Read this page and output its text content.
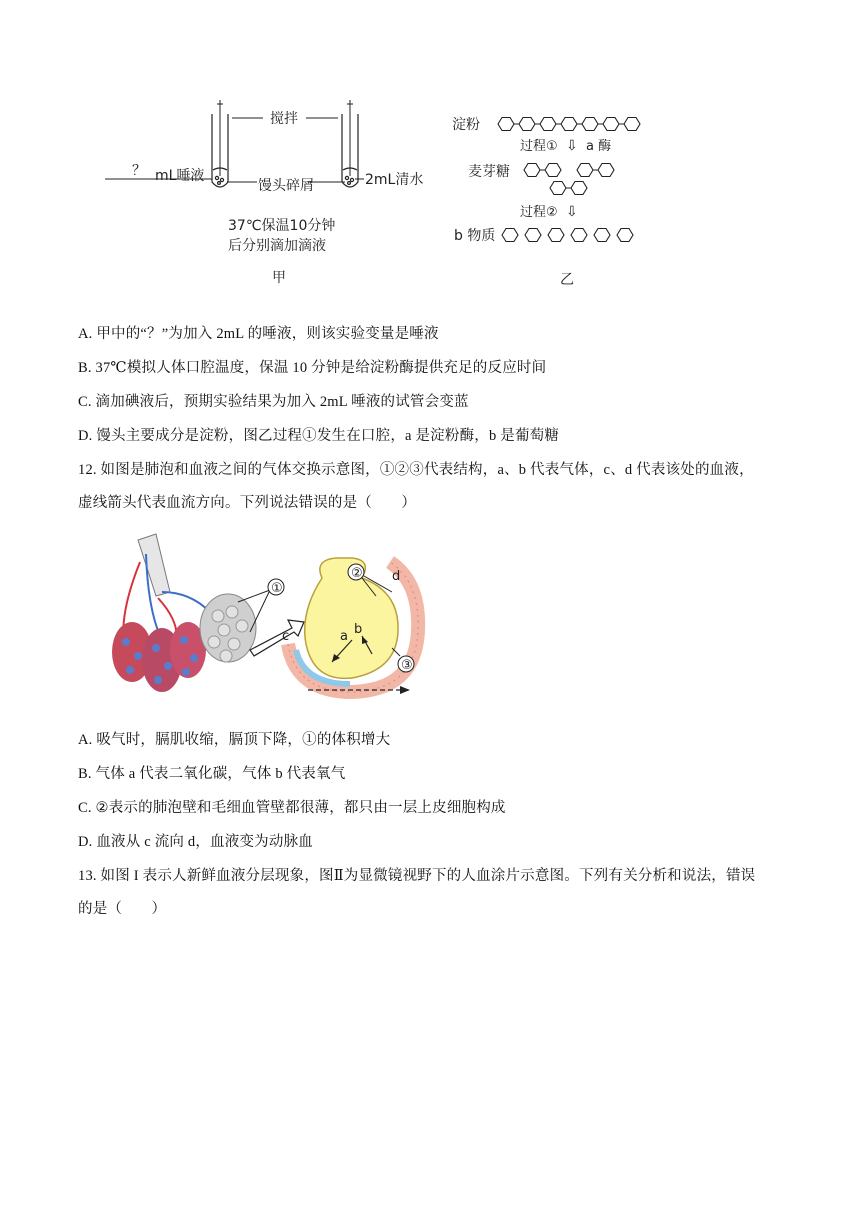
搅拌
？ mL唾液
馒头碎屑	2mL清水
37℃保温10分钟
后分别滴加滴液
甲
淀粉
过程① ⇩ a 酶
麦芽糖
过程② ⇩
b 物质
乙
A. 甲中的“？”为加入 2mL 的唾液，则该实验变量是唾液
B. 37℃模拟人体口腔温度，保温 10 分钟是给淀粉酶提供充足的反应时间
C. 滴加碘液后，预期实验结果为加入 2mL 唾液的试管会变蓝
D. 馒头主要成分是淀粉，图乙过程①发生在口腔，a 是淀粉酶，b 是葡萄糖
12. 如图是肺泡和血液之间的气体交换示意图，①②③代表结构，a、b 代表气体，c、d 代表该处的血液，
虚线箭头代表血流方向。下列说法错误的是（　　）
①
a b
② d
c
③
A. 吸气时，膈肌收缩，膈顶下降，①的体积增大
B. 气体 a 代表二氧化碳，气体 b 代表氧气
C. ②表示的肺泡壁和毛细血管壁都很薄，都只由一层上皮细胞构成
D. 血液从 c 流向 d，血液变为动脉血
13. 如图 I 表示人新鲜血液分层现象，图Ⅱ为显微镜视野下的人血涂片示意图。下列有关分析和说法，错误
的是（　　）
